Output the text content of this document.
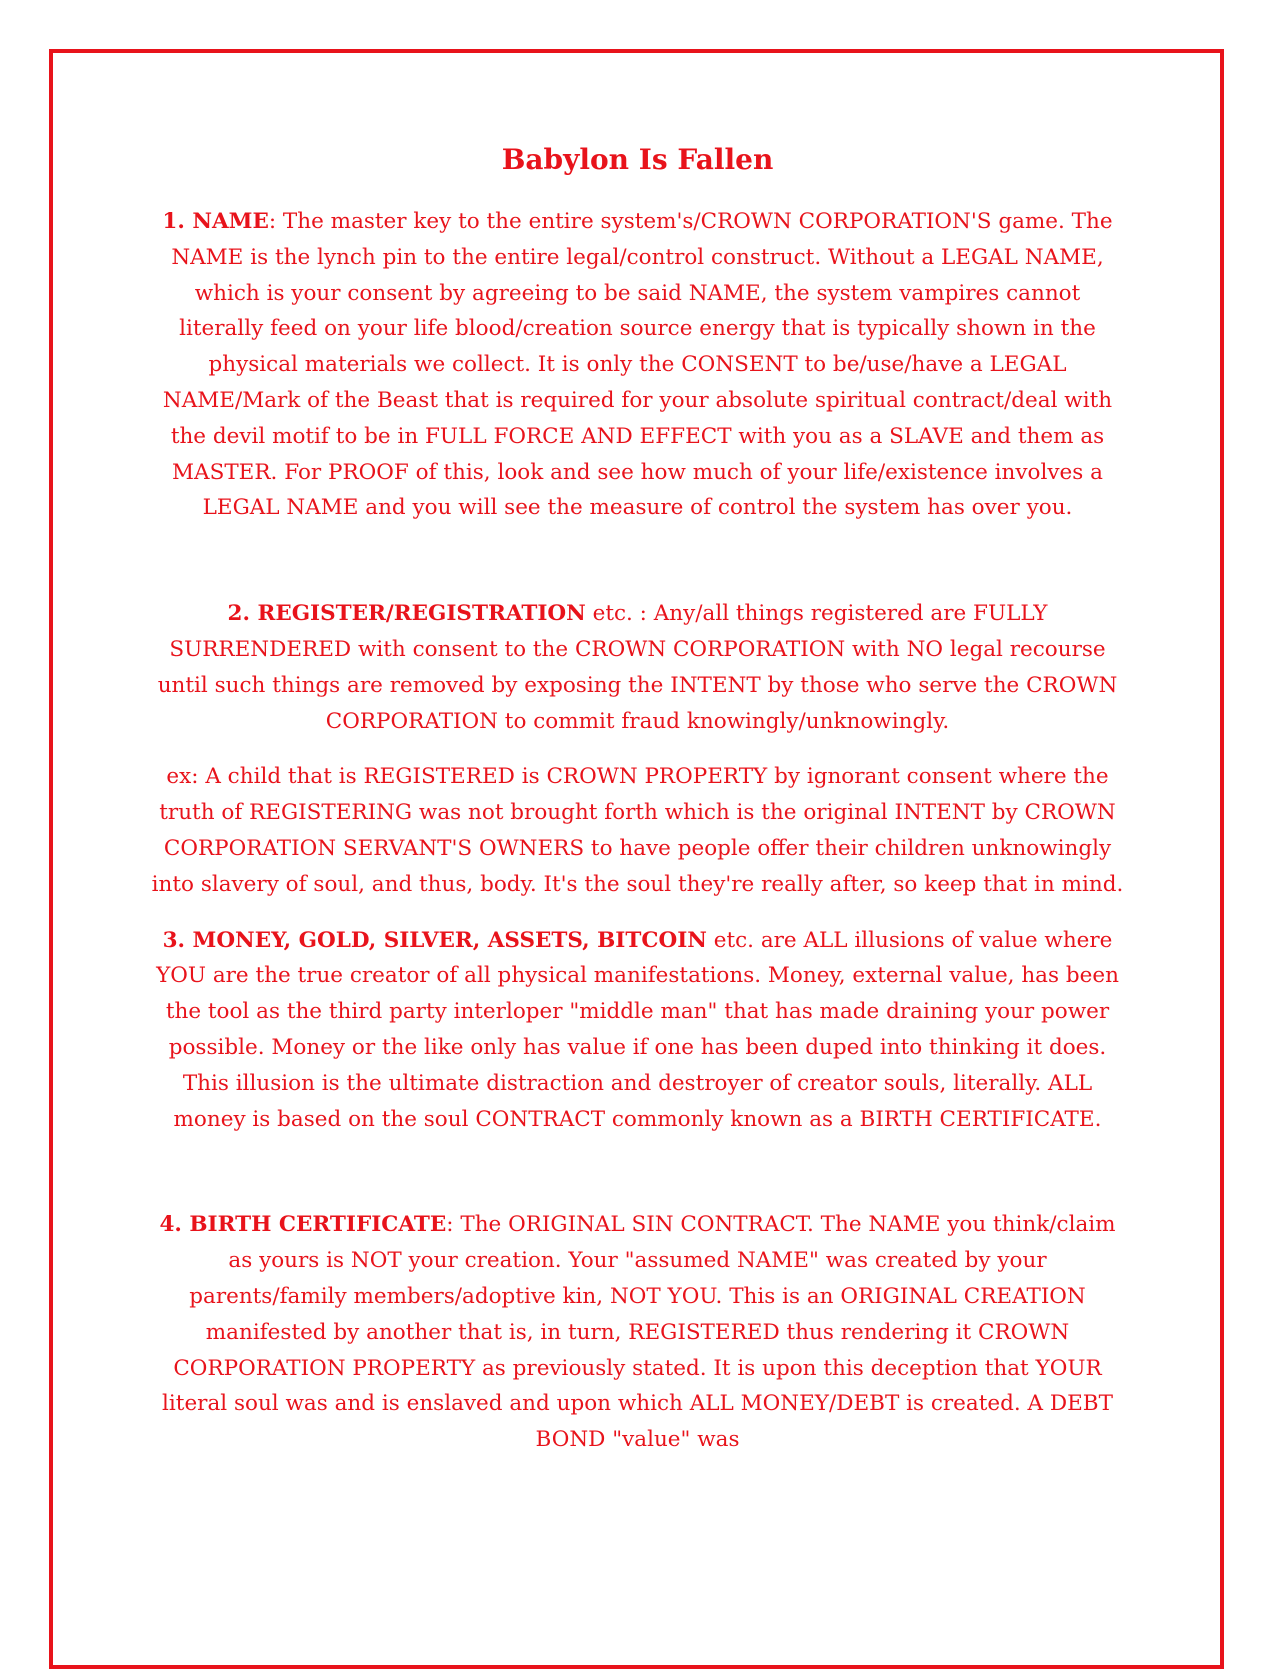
Babylon Is Fallen

1. NAME: The master key to the entire system's/CROWN CORPORATION'S game. The NAME is the lynch pin to the entire legal/control construct. Without a LEGAL NAME, which is your consent by agreeing to be said NAME, the system vampires cannot literally feed on your life blood/creation source energy that is typically shown in the physical materials we collect. It is only the CONSENT to be/use/have a LEGAL NAME/Mark of the Beast that is required for your absolute spiritual contract/deal with the devil motif to be in FULL FORCE AND EFFECT with you as a SLAVE and them as MASTER. For PROOF of this, look and see how much of your life/existence involves a LEGAL NAME and you will see the measure of control the system has over you.

2. REGISTER/REGISTRATION etc. : Any/all things registered are FULLY SURRENDERED with consent to the CROWN CORPORATION with NO legal recourse until such things are removed by exposing the INTENT by those who serve the CROWN CORPORATION to commit fraud knowingly/unknowingly.

ex: A child that is REGISTERED is CROWN PROPERTY by ignorant consent where the truth of REGISTERING was not brought forth which is the original INTENT by CROWN CORPORATION SERVANT'S OWNERS to have people offer their children unknowingly into slavery of soul, and thus, body. It's the soul they're really after, so keep that in mind.

3. MONEY, GOLD, SILVER, ASSETS, BITCOIN etc. are ALL illusions of value where YOU are the true creator of all physical manifestations. Money, external value, has been the tool as the third party interloper "middle man" that has made draining your power possible. Money or the like only has value if one has been duped into thinking it does. This illusion is the ultimate distraction and destroyer of creator souls, literally. ALL money is based on the soul CONTRACT commonly known as a BIRTH CERTIFICATE.

4. BIRTH CERTIFICATE: The ORIGINAL SIN CONTRACT. The NAME you think/claim as yours is NOT your creation. Your "assumed NAME" was created by your parents/family members/adoptive kin, NOT YOU. This is an ORIGINAL CREATION manifested by another that is, in turn, REGISTERED thus rendering it CROWN CORPORATION PROPERTY as previously stated. It is upon this deception that YOUR literal soul was and is enslaved and upon which ALL MONEY/DEBT is created. A DEBT BOND "value" was
